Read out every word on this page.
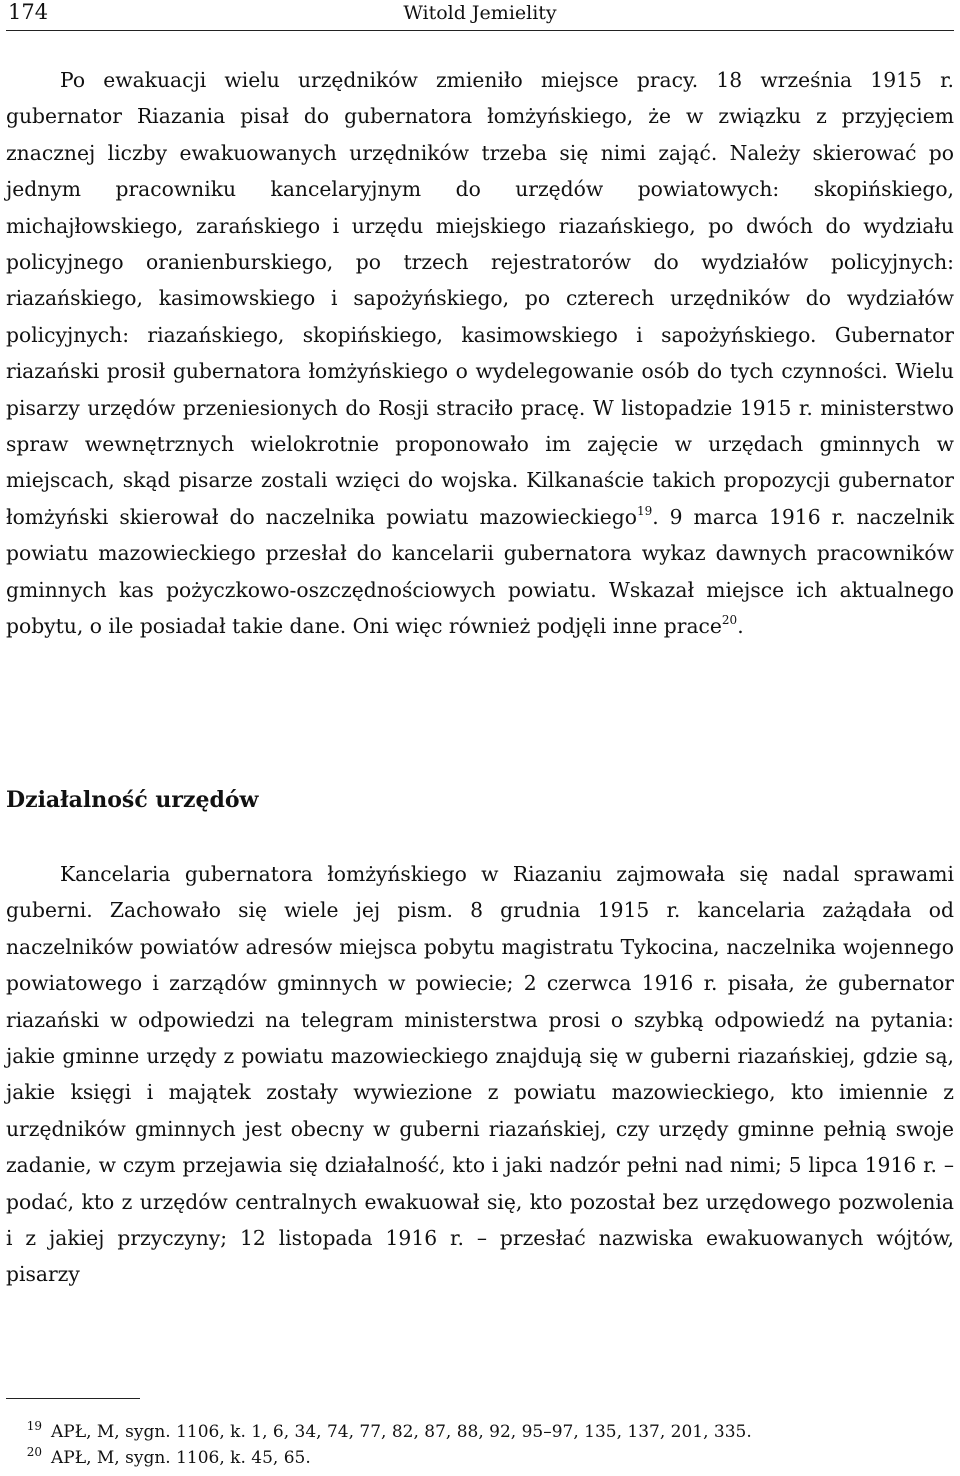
174	Witold Jemielity
Po ewakuacji wielu urzędników zmieniło miejsce pracy. 18 września 1915 r. gubernator Riazania pisał do gubernatora łomżyńskiego, że w związku z przyjęciem znacznej liczby ewakuowanych urzędników trzeba się nimi zająć. Należy skierować po jednym pracowniku kancelaryjnym do urzędów powiatowych: skopińskiego, michajłowskiego, zarańskiego i urzędu miejskiego riazańskiego, po dwóch do wydziału policyjnego oranienburskiego, po trzech rejestratorów do wydziałów policyjnych: riazańskiego, kasimowskiego i sapożyńskiego, po czterech urzędników do wydziałów policyjnych: riazańskiego, skopińskiego, kasimowskiego i sapożyńskiego. Gubernator riazański prosił gubernatora łomżyńskiego o wydelegowanie osób do tych czynności. Wielu pisarzy urzędów przeniesionych do Rosji straciło pracę. W listopadzie 1915 r. ministerstwo spraw wewnętrznych wielokrotnie proponowało im zajęcie w urzędach gminnych w miejscach, skąd pisarze zostali wzięci do wojska. Kilkanaście takich propozycji gubernator łomżyński skierował do naczelnika powiatu mazowieckiego$^{19}$. 9 marca 1916 r. naczelnik powiatu mazowieckiego przesłał do kancelarii gubernatora wykaz dawnych pracowników gminnych kas pożyczkowo-oszczędnościowych powiatu. Wskazał miejsce ich aktualnego pobytu, o ile posiadał takie dane. Oni więc również podjęli inne prace$^{20}$.
Działalność urzędów
Kancelaria gubernatora łomżyńskiego w Riazaniu zajmowała się nadal sprawami guberni. Zachowało się wiele jej pism. 8 grudnia 1915 r. kancelaria zażądała od naczelników powiatów adresów miejsca pobytu magistratu Tykocina, naczelnika wojennego powiatowego i zarządów gminnych w powiecie; 2 czerwca 1916 r. pisała, że gubernator riazański w odpowiedzi na telegram ministerstwa prosi o szybką odpowiedź na pytania: jakie gminne urzędy z powiatu mazowieckiego znajdują się w guberni riazańskiej, gdzie są, jakie księgi i majątek zostały wywiezione z powiatu mazowieckiego, kto imiennie z urzędników gminnych jest obecny w guberni riazańskiej, czy urzędy gminne pełnią swoje zadanie, w czym przejawia się działalność, kto i jaki nadzór pełni nad nimi; 5 lipca 1916 r. – podać, kto z urzędów centralnych ewakuował się, kto pozostał bez urzędowego pozwolenia i z jakiej przyczyny; 12 listopada 1916 r. – przesłać nazwiska ewakuowanych wójtów, pisarzy
19 APŁ, M, sygn. 1106, k. 1, 6, 34, 74, 77, 82, 87, 88, 92, 95–97, 135, 137, 201, 335.
20 APŁ, M, sygn. 1106, k. 45, 65.
